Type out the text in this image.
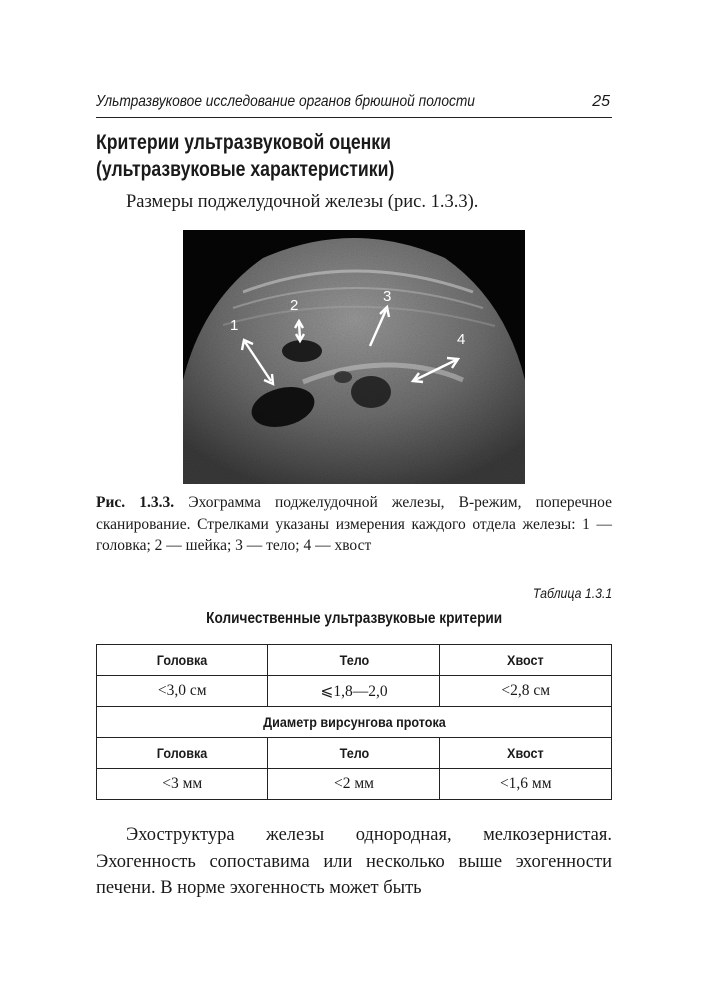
Ультразвуковое исследование органов брюшной полости	25
Критерии ультразвуковой оценки
(ультразвуковые характеристики)

Размеры поджелудочной железы (рис. 1.3.3).

1
2
3
4

Рис. 1.3.3. Эхограмма поджелудочной железы, В-режим, поперечное сканирование. Стрелками указаны измерения каждого отдела железы: 1 — головка; 2 — шейка; 3 — тело; 4 — хвост

Таблица 1.3.1
Количественные ультразвуковые критерии
Головка	Тело	Хвост
<3,0 см	⩽1,8—2,0	<2,8 см
Диаметр вирсунгова протока		
Головка	Тело	Хвост
<3 мм	<2 мм	<1,6 мм

Эхоструктура железы однородная, мелкозернистая. Эхогенность сопоставима или несколько выше эхогенности печени. В норме эхогенность может быть
